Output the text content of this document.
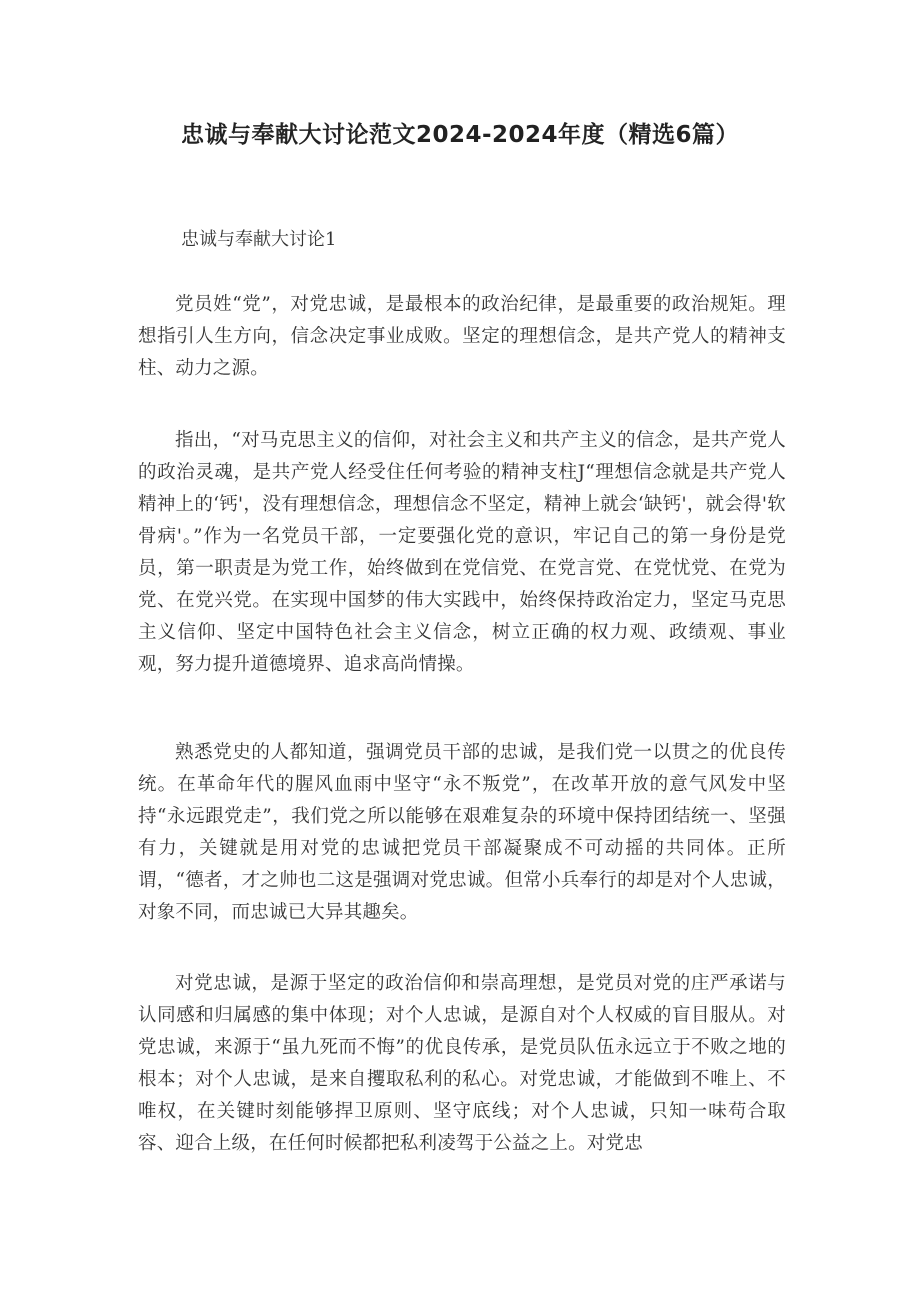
忠诚与奉献大讨论范文2024-2024年度（精选6篇）

忠诚与奉献大讨论1

党员姓“党”，对党忠诚，是最根本的政治纪律，是最重要的政治规矩。理想指引人生方向，信念决定事业成败。坚定的理想信念，是共产党人的精神支柱、动力之源。

指出，“对马克思主义的信仰，对社会主义和共产主义的信念，是共产党人的政治灵魂，是共产党人经受住任何考验的精神支柱J“理想信念就是共产党人精神上的‘钙'，没有理想信念，理想信念不坚定，精神上就会‘缺钙'，就会得'软骨病'。”作为一名党员干部，一定要强化党的意识，牢记自己的第一身份是党员，第一职责是为党工作，始终做到在党信党、在党言党、在党忧党、在党为党、在党兴党。在实现中国梦的伟大实践中，始终保持政治定力，坚定马克思主义信仰、坚定中国特色社会主义信念，树立正确的权力观、政绩观、事业观，努力提升道德境界、追求高尚情操。

熟悉党史的人都知道，强调党员干部的忠诚，是我们党一以贯之的优良传统。在革命年代的腥风血雨中坚守“永不叛党”，在改革开放的意气风发中坚持“永远跟党走”，我们党之所以能够在艰难复杂的环境中保持团结统一、坚强有力，关键就是用对党的忠诚把党员干部凝聚成不可动摇的共同体。正所谓，“德者，才之帅也二这是强调对党忠诚。但常小兵奉行的却是对个人忠诚，对象不同，而忠诚已大异其趣矣。

对党忠诚，是源于坚定的政治信仰和崇高理想，是党员对党的庄严承诺与认同感和归属感的集中体现；对个人忠诚，是源自对个人权威的盲目服从。对党忠诚，来源于“虽九死而不悔”的优良传承，是党员队伍永远立于不败之地的根本；对个人忠诚，是来自攫取私利的私心。对党忠诚，才能做到不唯上、不唯权，在关键时刻能够捍卫原则、坚守底线；对个人忠诚，只知一味苟合取容、迎合上级，在任何时候都把私利凌驾于公益之上。对党忠
